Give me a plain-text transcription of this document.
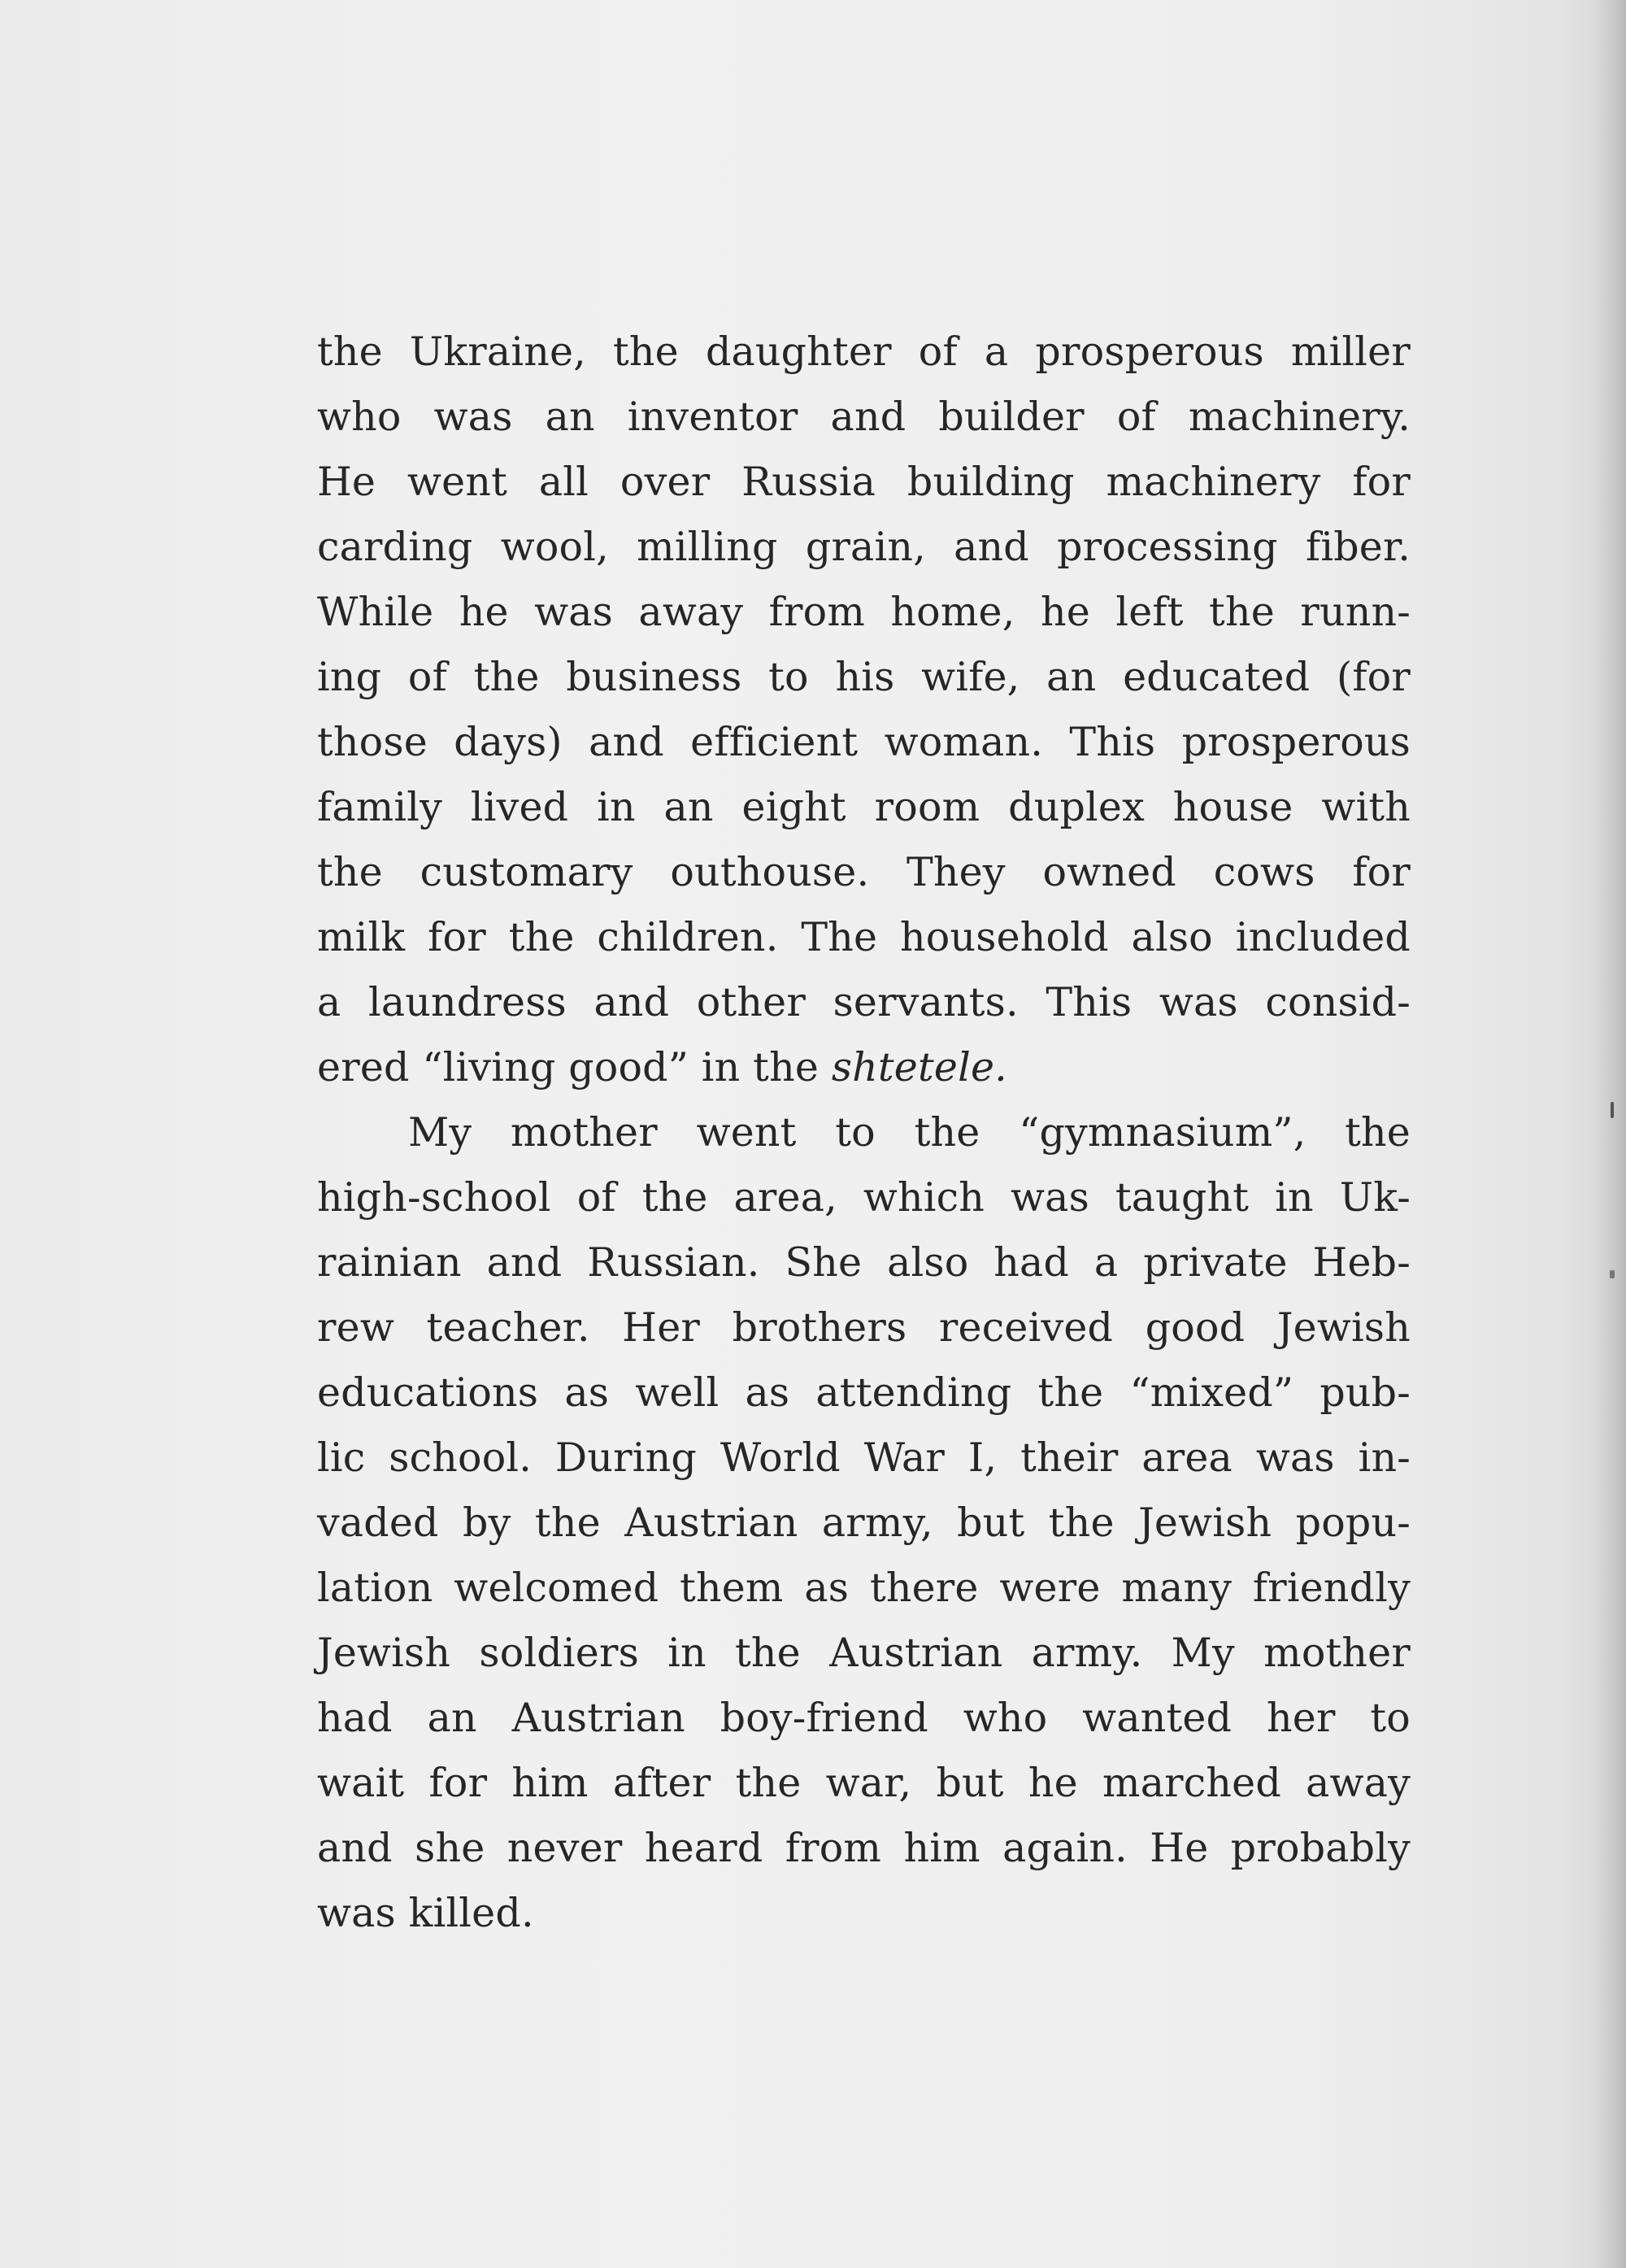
the Ukraine, the daughter of a prosperous miller
who was an inventor and builder of machinery.
He went all over Russia building machinery for
carding wool, milling grain, and processing fiber.
While he was away from home, he left the runn-
ing of the business to his wife, an educated (for
those days) and efficient woman. This prosperous
family lived in an eight room duplex house with
the customary outhouse. They owned cows for
milk for the children. The household also included
a laundress and other servants. This was consid-
ered “living good” in the shtetele.
My mother went to the “gymnasium”, the
high-school of the area, which was taught in Uk-
rainian and Russian. She also had a private Heb-
rew teacher. Her brothers received good Jewish
educations as well as attending the “mixed” pub-
lic school. During World War I, their area was in-
vaded by the Austrian army, but the Jewish popu-
lation welcomed them as there were many friendly
Jewish soldiers in the Austrian army. My mother
had an Austrian boy-friend who wanted her to
wait for him after the war, but he marched away
and she never heard from him again. He probably
was killed.
